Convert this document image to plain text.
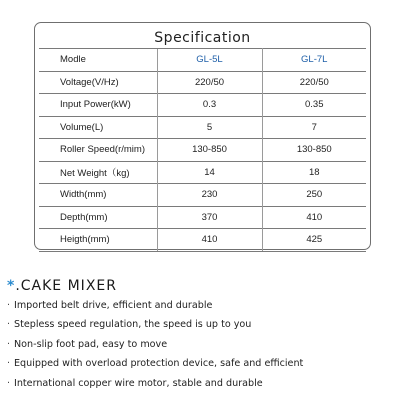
Specification
Modle	GL-5L	GL-7L
Voltage(V/Hz)	220/50	220/50
Input Power(kW)	0.3	0.35
Volume(L)	5	7
Roller Speed(r/mim)	130-850	130-850
Net Weight（kg)	14	18
Width(mm)	230	250
Depth(mm)	370	410
Heigth(mm)	410	425
*.CAKE MIXER
· Imported belt drive, efficient and durable
· Stepless speed regulation, the speed is up to you
· Non-slip foot pad, easy to move
· Equipped with overload protection device, safe and efficient
· International copper wire motor, stable and durable
